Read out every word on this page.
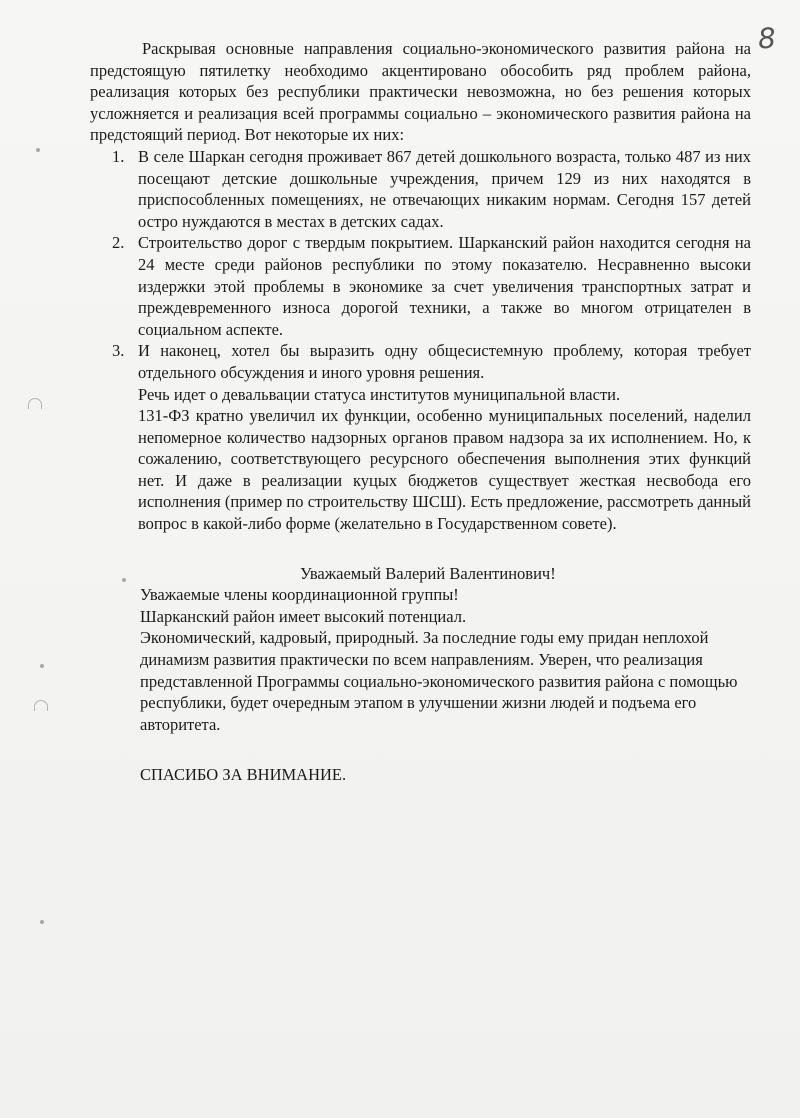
8

Раскрывая основные направления социально-экономического развития района на предстоящую пятилетку необходимо акцентировано обособить ряд проблем района, реализация которых без республики практически невозможна, но без решения которых усложняется и реализация всей программы социально – экономического развития района на предстоящий период. Вот некоторые их них:

1. В селе Шаркан сегодня проживает 867 детей дошкольного возраста, только 487 из них посещают детские дошкольные учреждения, причем 129 из них находятся в приспособленных помещениях, не отвечающих никаким нормам. Сегодня 157 детей остро нуждаются в местах в детских садах.
2. Строительство дорог с твердым покрытием. Шарканский район находится сегодня на 24 месте среди районов республики по этому показателю. Несравненно высоки издержки этой проблемы в экономике за счет увеличения транспортных затрат и преждевременного износа дорогой техники, а также во многом отрицателен в социальном аспекте.
3. И наконец, хотел бы выразить одну общесистемную проблему, которая требует отдельного обсуждения и иного уровня решения.
Речь идет о девальвации статуса институтов муниципальной власти.
131-ФЗ кратно увеличил их функции, особенно муниципальных поселений, наделил непомерное количество надзорных органов правом надзора за их исполнением. Но, к сожалению, соответствующего ресурсного обеспечения выполнения этих функций нет. И даже в реализации куцых бюджетов существует жесткая несвобода его исполнения (пример по строительству ШСШ). Есть предложение, рассмотреть данный вопрос в какой-либо форме (желательно в Государственном совете).

Уважаемый Валерий Валентинович!

Уважаемые члены координационной группы!

Шарканский район имеет высокий потенциал.

Экономический, кадровый, природный. За последние годы ему придан неплохой динамизм развития практически по всем направлениям. Уверен, что реализация представленной Программы социально-экономического развития района с помощью республики, будет очередным этапом в улучшении жизни людей и подъема его авторитета.

СПАСИБО ЗА ВНИМАНИЕ.
